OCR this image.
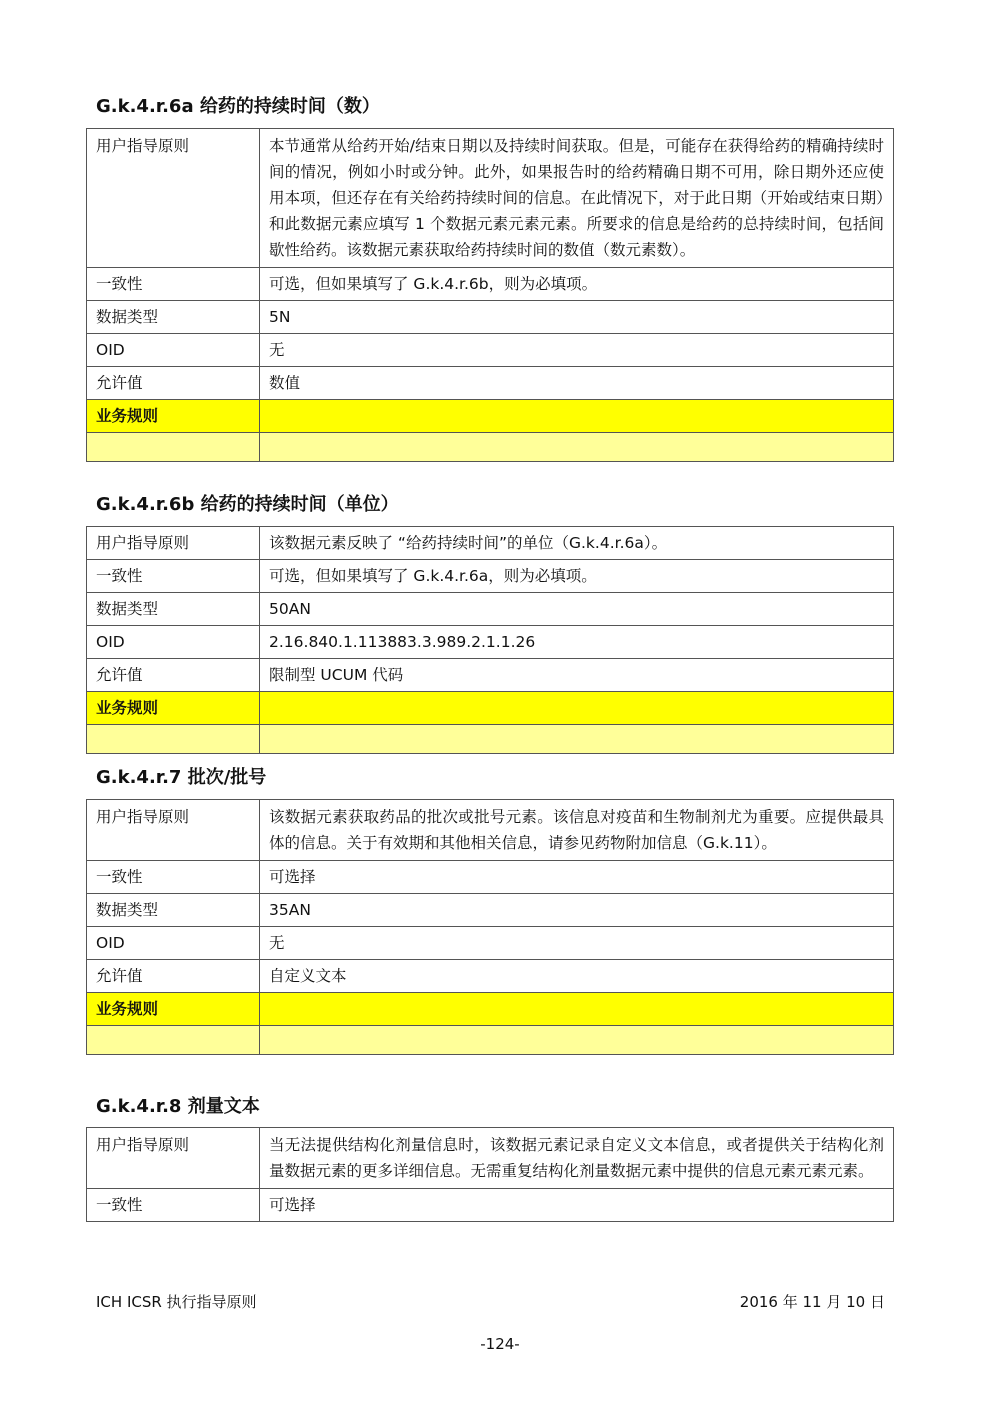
G.k.4.r.6a 给药的持续时间（数）
用户指导原则	本节通常从给药开始/结束日期以及持续时间获取。但是，可能存在获得给药的精确持续时间的情况，例如小时或分钟。此外，如果报告时的给药精确日期不可用，除日期外还应使用本项，但还存在有关给药持续时间的信息。在此情况下，对于此日期（开始或结束日期）和此数据元素应填写 1 个数据元素元素元素。所要求的信息是给药的总持续时间，包括间歇性给药。该数据元素获取给药持续时间的数值（数元素数）。
一致性	可选，但如果填写了 G.k.4.r.6b，则为必填项。
数据类型	5N
OID	无
允许值	数值
业务规则	

G.k.4.r.6b 给药的持续时间（单位）
用户指导原则	该数据元素反映了 “给药持续时间”的单位（G.k.4.r.6a）。
一致性	可选，但如果填写了 G.k.4.r.6a，则为必填项。
数据类型	50AN
OID	2.16.840.1.113883.3.989.2.1.1.26
允许值	限制型 UCUM 代码
业务规则	

G.k.4.r.7 批次/批号
用户指导原则	该数据元素获取药品的批次或批号元素。该信息对疫苗和生物制剂尤为重要。应提供最具体的信息。关于有效期和其他相关信息，请参见药物附加信息（G.k.11）。
一致性	可选择
数据类型	35AN
OID	无
允许值	自定义文本
业务规则	

G.k.4.r.8 剂量文本
用户指导原则	当无法提供结构化剂量信息时，该数据元素记录自定义文本信息，或者提供关于结构化剂量数据元素的更多详细信息。无需重复结构化剂量数据元素中提供的信息元素元素元素。
一致性	可选择
ICH ICSR 执行指导原则	2016 年 11 月 10 日
-124-
